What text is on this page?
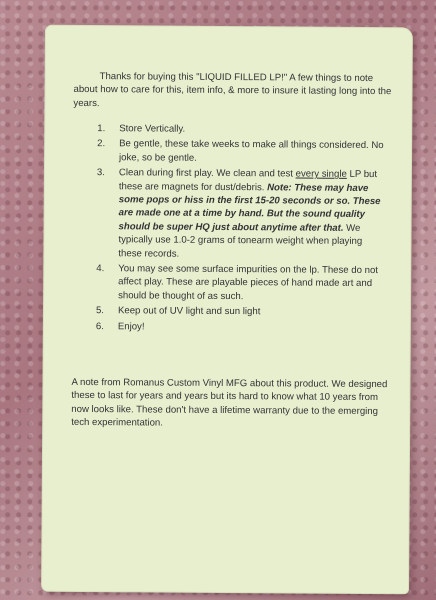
Thanks for buying this "LIQUID FILLED LP!" A few things to note about how to care for this, item info, & more to insure it lasting long into the years.
1.	Store Vertically.
2.	Be gentle, these take weeks to make all things considered. No joke, so be gentle.
3.	Clean during first play. We clean and test every single LP but these are magnets for dust/debris. Note: These may have some pops or hiss in the first 15-20 seconds or so. These are made one at a time by hand. But the sound quality should be super HQ just about anytime after that. We typically use 1.0-2 grams of tonearm weight when playing these records.
4.	You may see some surface impurities on the lp. These do not affect play. These are playable pieces of hand made art and should be thought of as such.
5.	Keep out of UV light and sun light
6.	Enjoy!
A note from Romanus Custom Vinyl MFG about this product. We designed these to last for years and years but its hard to know what 10 years from now looks like. These don't have a lifetime warranty due to the emerging tech experimentation.
